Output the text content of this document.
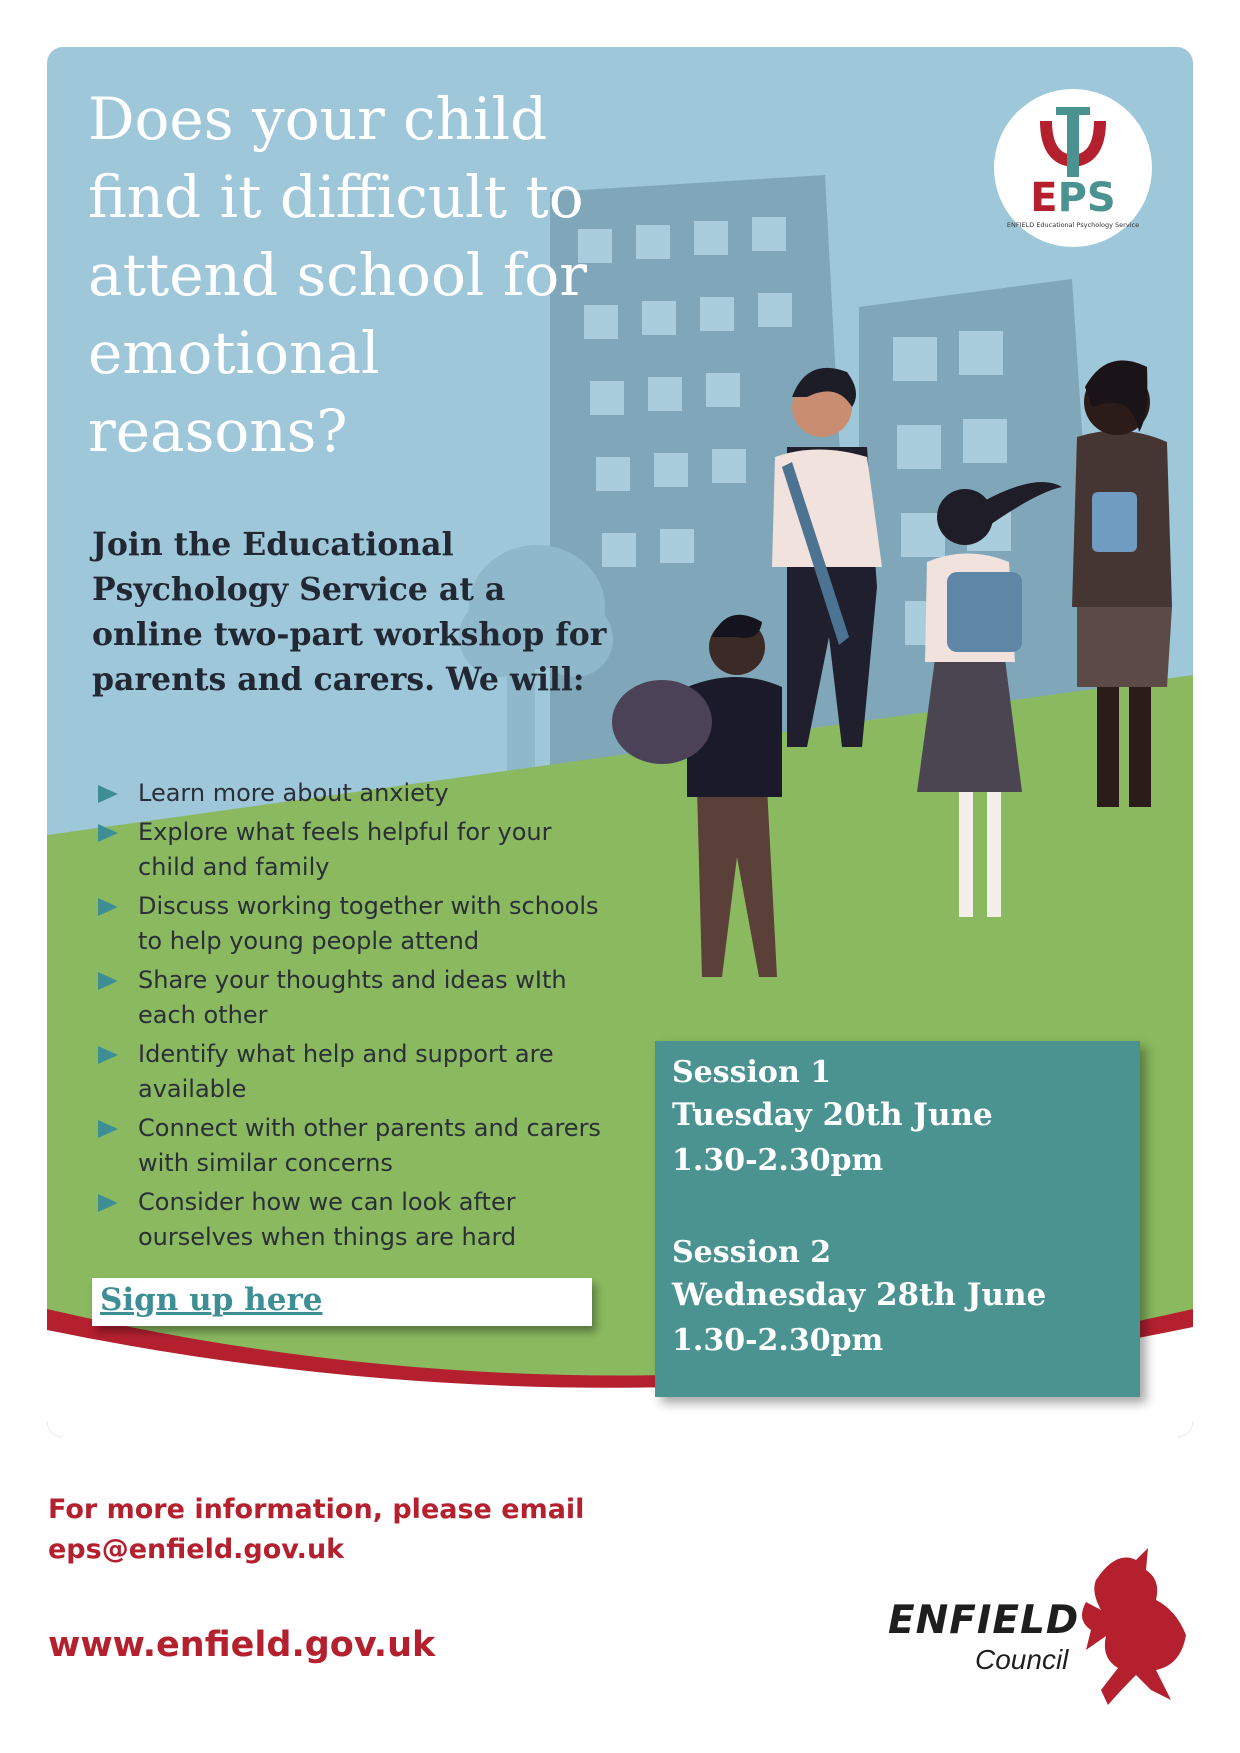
Does your child find it difficult to attend school for emotional reasons?

Join the Educational Psychology Service at a online two-part workshop for parents and carers. We will:

Learn more about anxiety
Explore what feels helpful for your child and family
Discuss working together with schools to help young people attend
Share your thoughts and ideas wIth each other
Identify what help and support are available
Connect with other parents and carers with similar concerns
Consider how we can look after ourselves when things are hard
Sign up here
Session 1
Tuesday 20th June
1.30-2.30pm
Session 2
Wednesday 28th June
1.30-2.30pm

For more information, please email
eps@enfield.gov.uk

www.enfield.gov.uk
EPS
ENFIELD Educational Psychology Service
ENFIELD
Council
